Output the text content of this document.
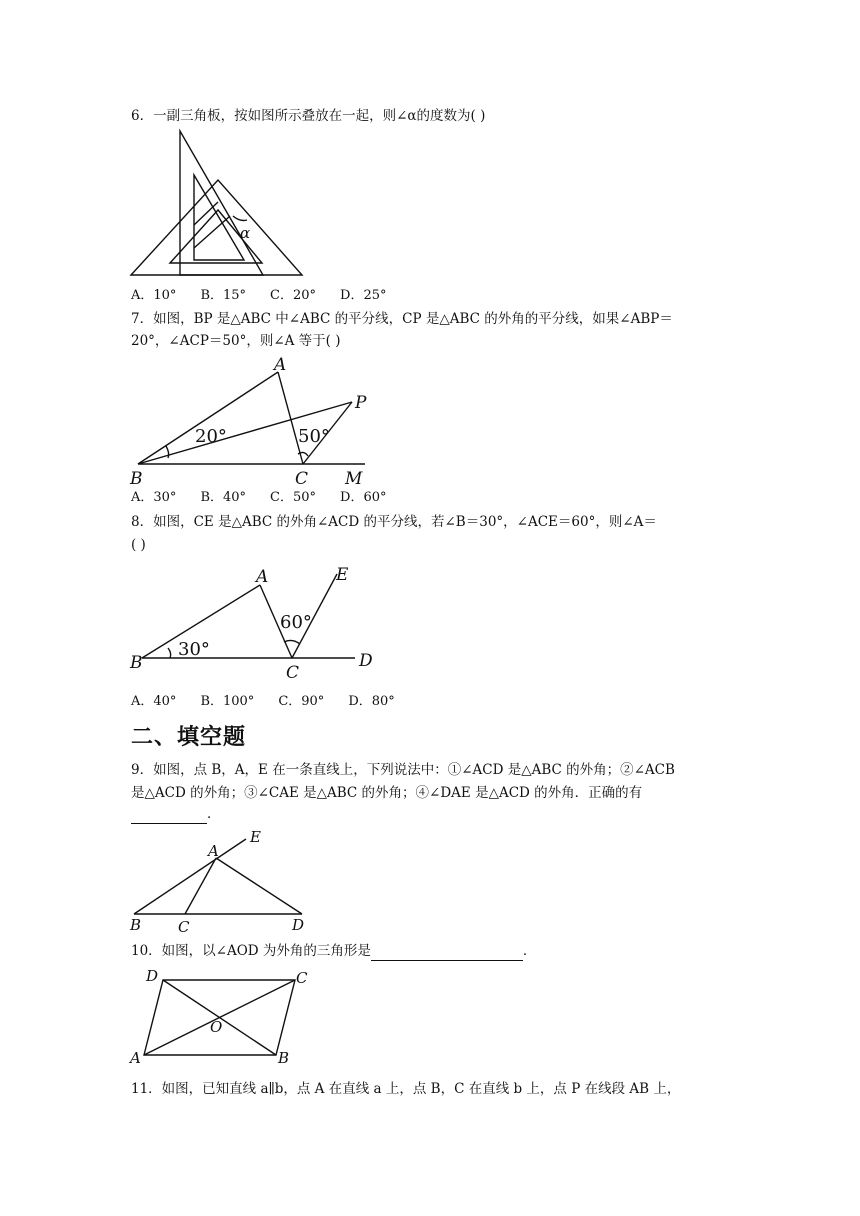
6．一副三角板，按如图所示叠放在一起，则∠α的度数为( )
α
A．10° B．15° C．20° D．25°
7．如图，BP 是△ABC 中∠ABC 的平分线，CP 是△ABC 的外角的平分线，如果∠ABP＝
20°，∠ACP＝50°，则∠A 等于( )
A
B	C M
P
20°	50°
A．30° B．40° C．50° D．60°
8．如图，CE 是△ABC 的外角∠ACD 的平分线，若∠B＝30°，∠ACE＝60°，则∠A＝
( )
A
B	C
D
E
30°
60°
A．40° B．100° C．90° D．80°
二、填空题
9．如图，点 B，A，E 在一条直线上，下列说法中：①∠ACD 是△ABC 的外角；②∠ACB
是△ACD 的外角；③∠CAE 是△ABC 的外角；④∠DAE 是△ACD 的外角．正确的有
．
A
B C	D
E
10．如图，以∠AOD 为外角的三角形是	．
D	C
A	B
O
11．如图，已知直线 a∥b，点 A 在直线 a 上，点 B，C 在直线 b 上，点 P 在线段 AB 上，
